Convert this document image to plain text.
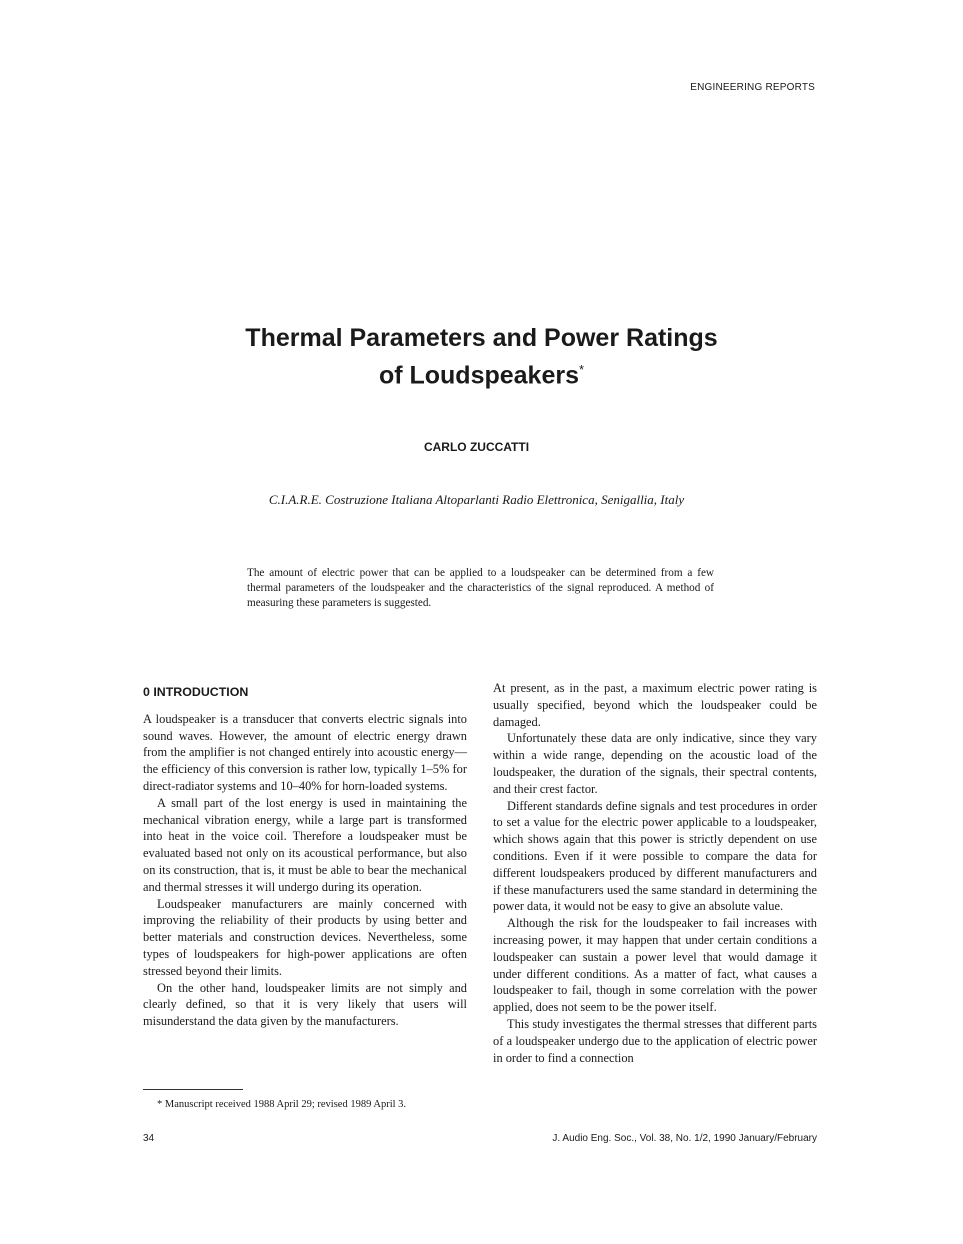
ENGINEERING REPORTS
Thermal Parameters and Power Ratings
of Loudspeakers*
CARLO ZUCCATTI
C.I.A.R.E. Costruzione Italiana Altoparlanti Radio Elettronica, Senigallia, Italy
The amount of electric power that can be applied to a loudspeaker can be determined from a few thermal parameters of the loudspeaker and the characteristics of the signal reproduced. A method of measuring these parameters is suggested.
0 INTRODUCTION

A loudspeaker is a transducer that converts electric signals into sound waves. However, the amount of electric energy drawn from the amplifier is not changed entirely into acoustic energy—the efficiency of this conversion is rather low, typically 1–5% for direct-radiator systems and 10–40% for horn-loaded systems.

A small part of the lost energy is used in maintaining the mechanical vibration energy, while a large part is transformed into heat in the voice coil. Therefore a loudspeaker must be evaluated based not only on its acoustical performance, but also on its construction, that is, it must be able to bear the mechanical and thermal stresses it will undergo during its operation.

Loudspeaker manufacturers are mainly concerned with improving the reliability of their products by using better and better materials and construction devices. Nevertheless, some types of loudspeakers for high-power applications are often stressed beyond their limits.

On the other hand, loudspeaker limits are not simply and clearly defined, so that it is very likely that users will misunderstand the data given by the manufacturers.

At present, as in the past, a maximum electric power rating is usually specified, beyond which the loudspeaker could be damaged.

Unfortunately these data are only indicative, since they vary within a wide range, depending on the acoustic load of the loudspeaker, the duration of the signals, their spectral contents, and their crest factor.

Different standards define signals and test procedures in order to set a value for the electric power applicable to a loudspeaker, which shows again that this power is strictly dependent on use conditions. Even if it were possible to compare the data for different loudspeakers produced by different manufacturers and if these manufacturers used the same standard in determining the power data, it would not be easy to give an absolute value.

Although the risk for the loudspeaker to fail increases with increasing power, it may happen that under certain conditions a loudspeaker can sustain a power level that would damage it under different conditions. As a matter of fact, what causes a loudspeaker to fail, though in some correlation with the power applied, does not seem to be the power itself.

This study investigates the thermal stresses that different parts of a loudspeaker undergo due to the application of electric power in order to find a connection

* Manuscript received 1988 April 29; revised 1989 April 3.
34	J. Audio Eng. Soc., Vol. 38, No. 1/2, 1990 January/February
